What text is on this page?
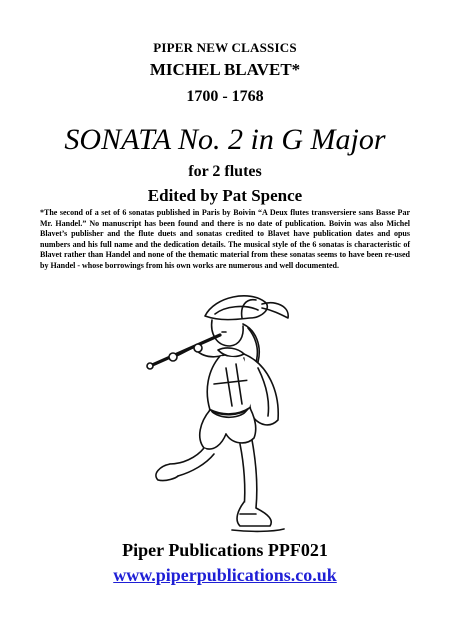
PIPER NEW CLASSICS
MICHEL BLAVET*
1700 - 1768
SONATA No. 2 in G Major
for 2 flutes
Edited by Pat Spence
*The second of a set of 6 sonatas published in Paris by Boivin “A Deux flutes transversiere sans Basse Par Mr. Handel.” No manuscript has been found and there is no date of publication. Boivin was also Michel Blavet’s publisher and the flute duets and sonatas credited to Blavet have publication dates and opus numbers and his full name and the dedication details. The musical style of the 6 sonatas is characteristic of Blavet rather than Handel and none of the thematic material from these sonatas seems to have been re-used by Handel - whose borrowings from his own works are numerous and well documented.
Piper Publications PPF021
www.piperpublications.co.uk
